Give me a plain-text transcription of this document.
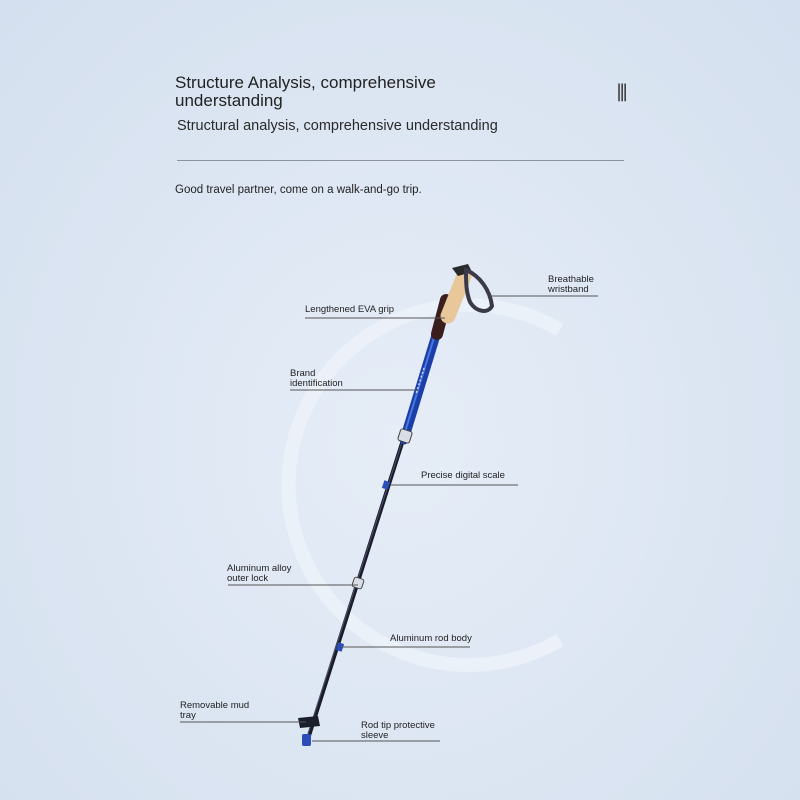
Structure Analysis, comprehensive understanding	|||
Structural analysis, comprehensive understanding
Good travel partner, come on a walk-and-go trip.
Breathable wristband
Lengthened EVA grip
Brand identification
Precise digital scale
Aluminum alloy outer lock
Aluminum rod body
Removable mud tray
Rod tip protective sleeve
